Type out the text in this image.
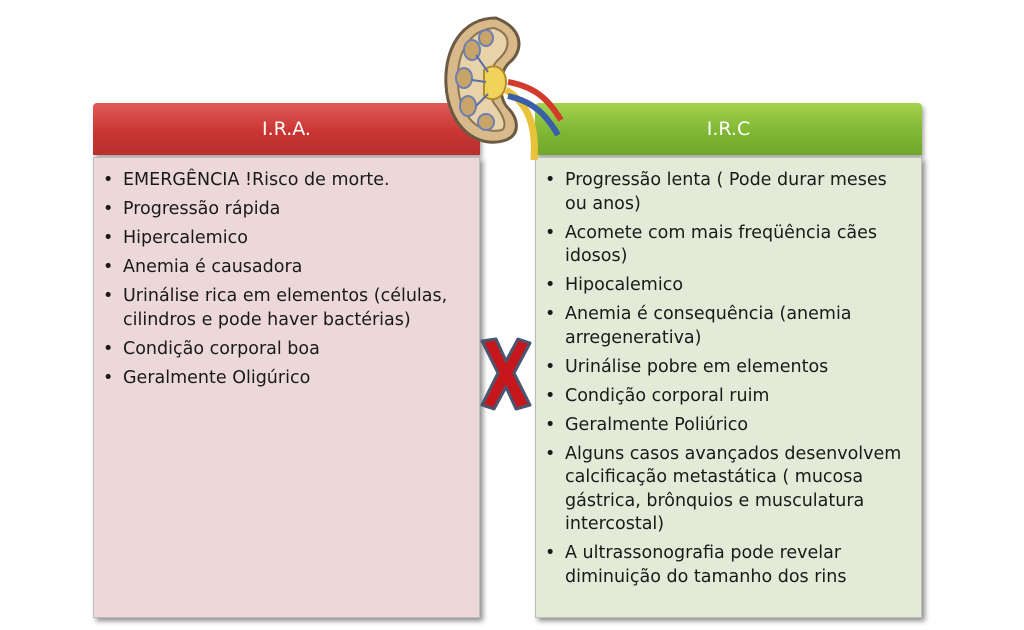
I.R.A.
• EMERGÊNCIA !Risco de morte.
• Progressão rápida
• Hipercalemico
• Anemia é causadora
• Urinálise rica em elementos (células, cilindros e pode haver bactérias)
• Condição corporal boa
• Geralmente Oligúrico
I.R.C
• Progressão lenta ( Pode durar meses ou anos)
• Acomete com mais freqüência cães idosos)
• Hipocalemico
• Anemia é consequência (anemia arregenerativa)
• Urinálise pobre em elementos
• Condição corporal ruim
• Geralmente Poliúrico
• Alguns casos avançados desenvolvem calcificação metastática ( mucosa gástrica, brônquios e musculatura intercostal)
• A ultrassonografia pode revelar diminuição do tamanho dos rins
